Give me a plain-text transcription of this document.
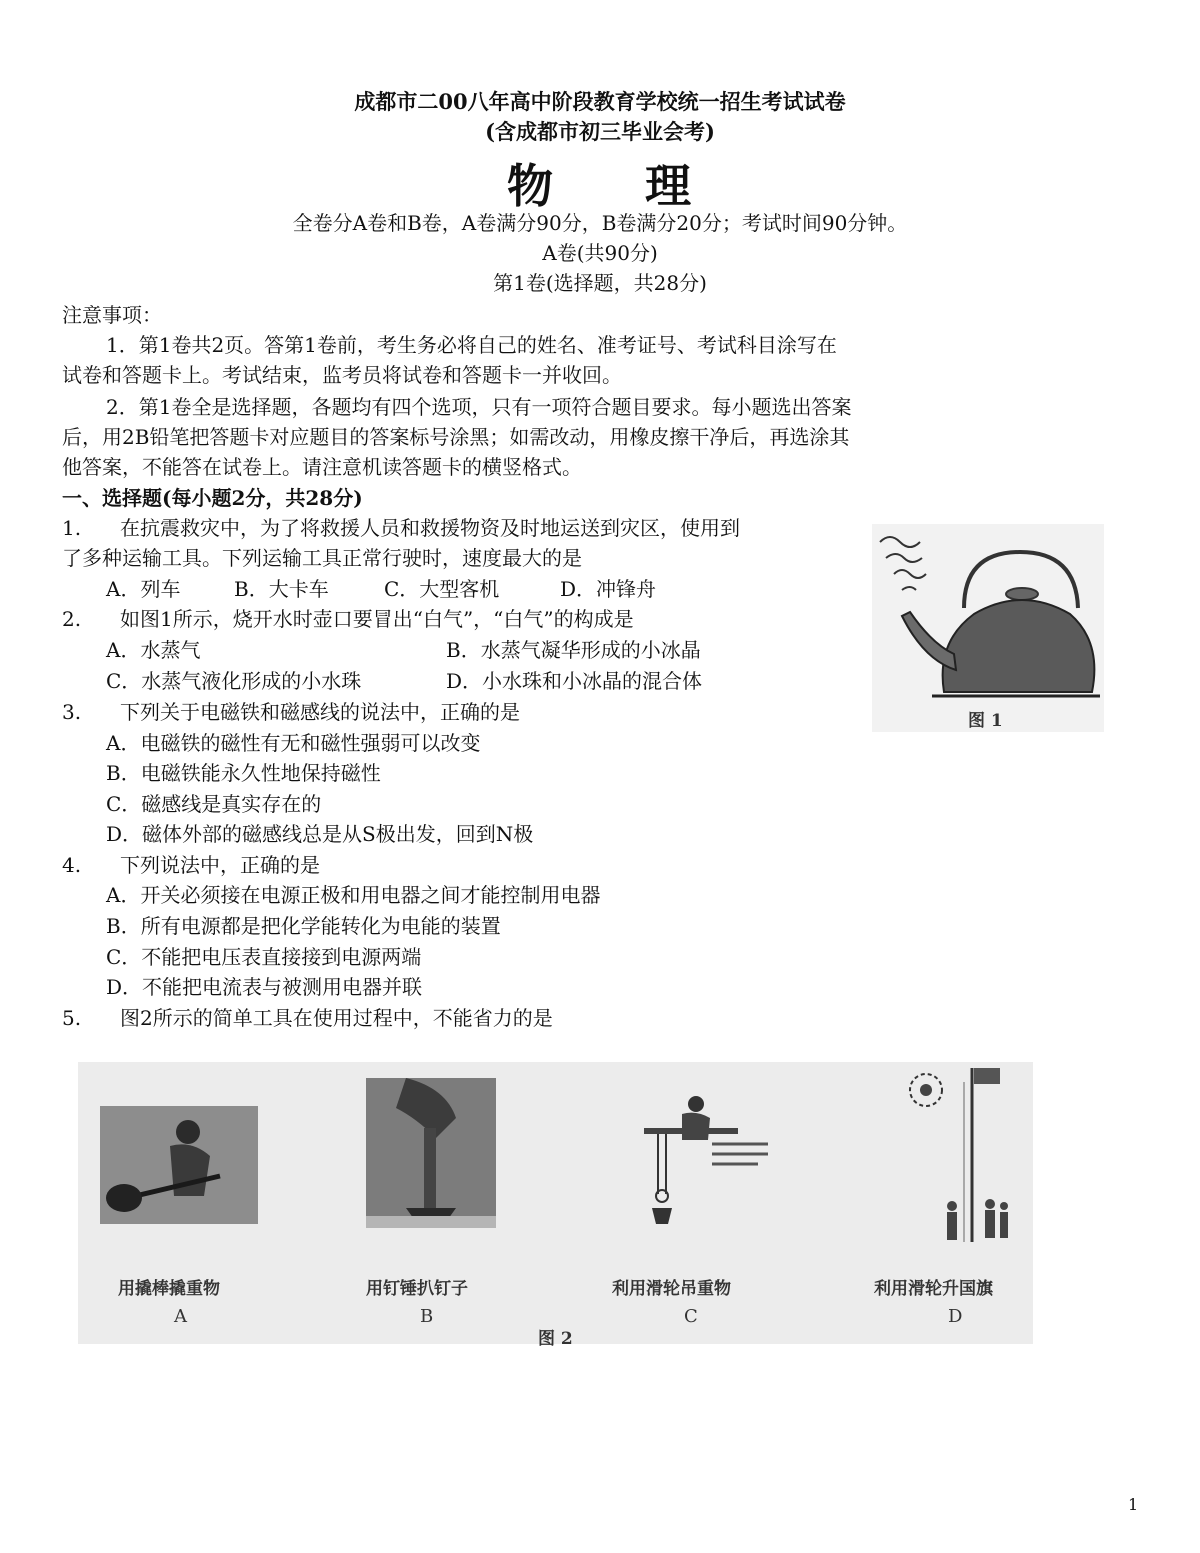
成都市二00八年高中阶段教育学校统一招生考试试卷
(含成都市初三毕业会考)
物 理
全卷分A卷和B卷，A卷满分90分，B卷满分20分；考试时间90分钟。
A卷(共90分)
第1卷(选择题，共28分)
注意事项：
1．第1卷共2页。答第1卷前，考生务必将自己的姓名、准考证号、考试科目涂写在
试卷和答题卡上。考试结束，监考员将试卷和答题卡一并收回。
2．第1卷全是选择题，各题均有四个选项，只有一项符合题目要求。每小题选出答案
后，用2B铅笔把答题卡对应题目的答案标号涂黑；如需改动，用橡皮擦干净后，再选涂其
他答案，不能答在试卷上。请注意机读答题卡的横竖格式。
一、选择题(每小题2分，共28分)
1. 在抗震救灾中，为了将救援人员和救援物资及时地运送到灾区，使用到
了多种运输工具。下列运输工具正常行驶时，速度最大的是
A．列车	B．大卡车	C．大型客机	D．冲锋舟
2. 如图1所示，烧开水时壶口要冒出“白气”，“白气”的构成是
A．水蒸气	B．水蒸气凝华形成的小冰晶
C．水蒸气液化形成的小水珠	D．小水珠和小冰晶的混合体
3. 下列关于电磁铁和磁感线的说法中，正确的是
A．电磁铁的磁性有无和磁性强弱可以改变
B．电磁铁能永久性地保持磁性
C．磁感线是真实存在的
D．磁体外部的磁感线总是从S极出发，回到N极
4. 下列说法中，正确的是
A．开关必须接在电源正极和用电器之间才能控制用电器
B．所有电源都是把化学能转化为电能的装置
C．不能把电压表直接接到电源两端
D．不能把电流表与被测用电器并联
5. 图2所示的简单工具在使用过程中，不能省力的是
图 1
用撬棒撬重物
A
用钉锤扒钉子
B
利用滑轮吊重物
C
利用滑轮升国旗
D
图 2
1
